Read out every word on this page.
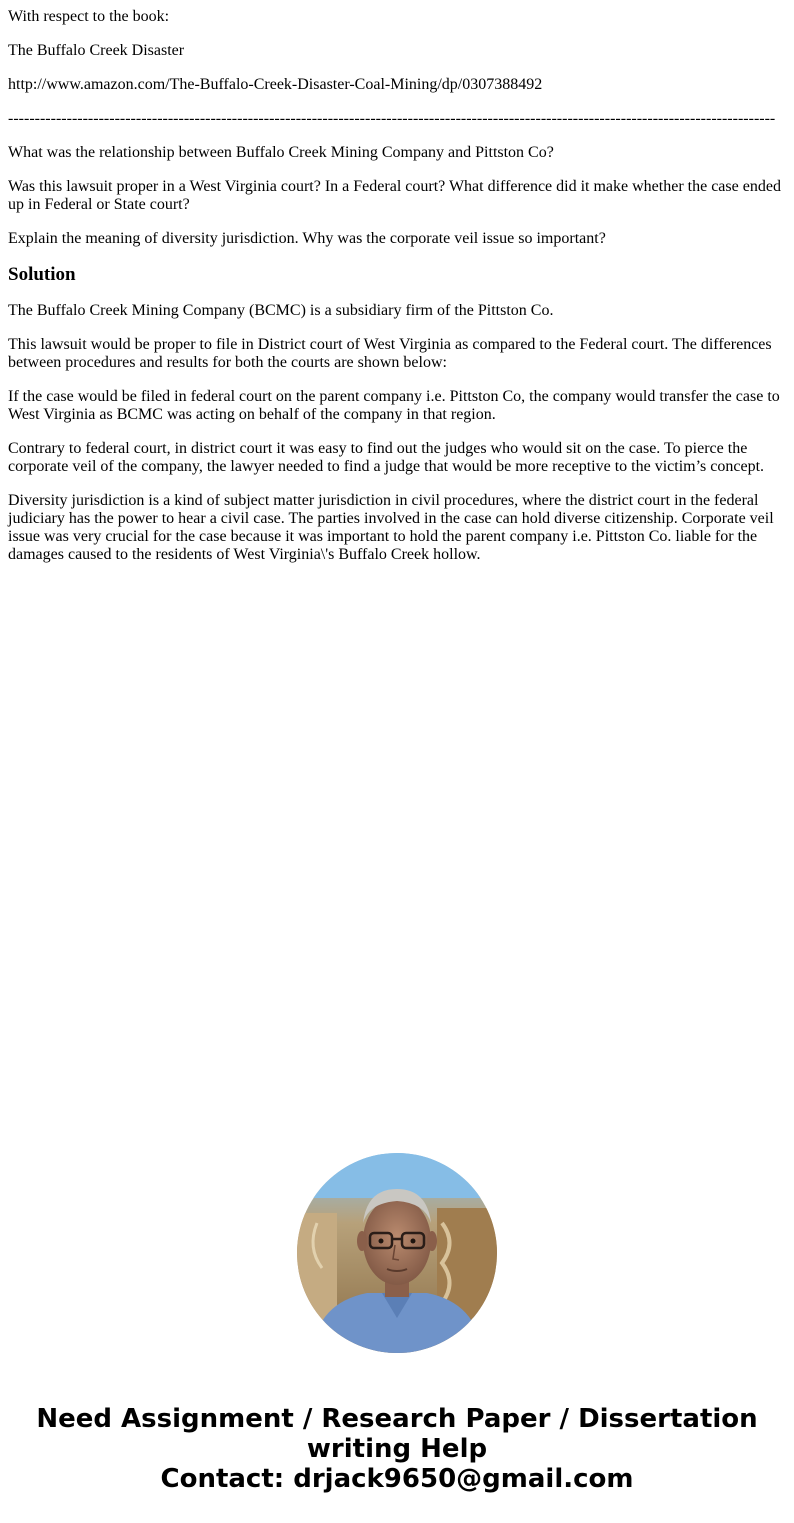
With respect to the book:

The Buffalo Creek Disaster

http://www.amazon.com/The-Buffalo-Creek-Disaster-Coal-Mining/dp/0307388492

------------------------------------------------------------------------------------------------------------------------------------------------

What was the relationship between Buffalo Creek Mining Company and Pittston Co?

Was this lawsuit proper in a West Virginia court? In a Federal court? What difference did it make whether the case ended up in Federal or State court?

Explain the meaning of diversity jurisdiction. Why was the corporate veil issue so important?

Solution

The Buffalo Creek Mining Company (BCMC) is a subsidiary firm of the Pittston Co.

This lawsuit would be proper to file in District court of West Virginia as compared to the Federal court. The differences between procedures and results for both the courts are shown below:

If the case would be filed in federal court on the parent company i.e. Pittston Co, the company would transfer the case to West Virginia as BCMC was acting on behalf of the company in that region.

Contrary to federal court, in district court it was easy to find out the judges who would sit on the case. To pierce the corporate veil of the company, the lawyer needed to find a judge that would be more receptive to the victim’s concept.

Diversity jurisdiction is a kind of subject matter jurisdiction in civil procedures, where the district court in the federal judiciary has the power to hear a civil case. The parties involved in the case can hold diverse citizenship. Corporate veil issue was very crucial for the case because it was important to hold the parent company i.e. Pittston Co. liable for the damages caused to the residents of West Virginia\'s Buffalo Creek hollow.

Need Assignment / Research Paper / Dissertation
writing Help
Contact: drjack9650@gmail.com
